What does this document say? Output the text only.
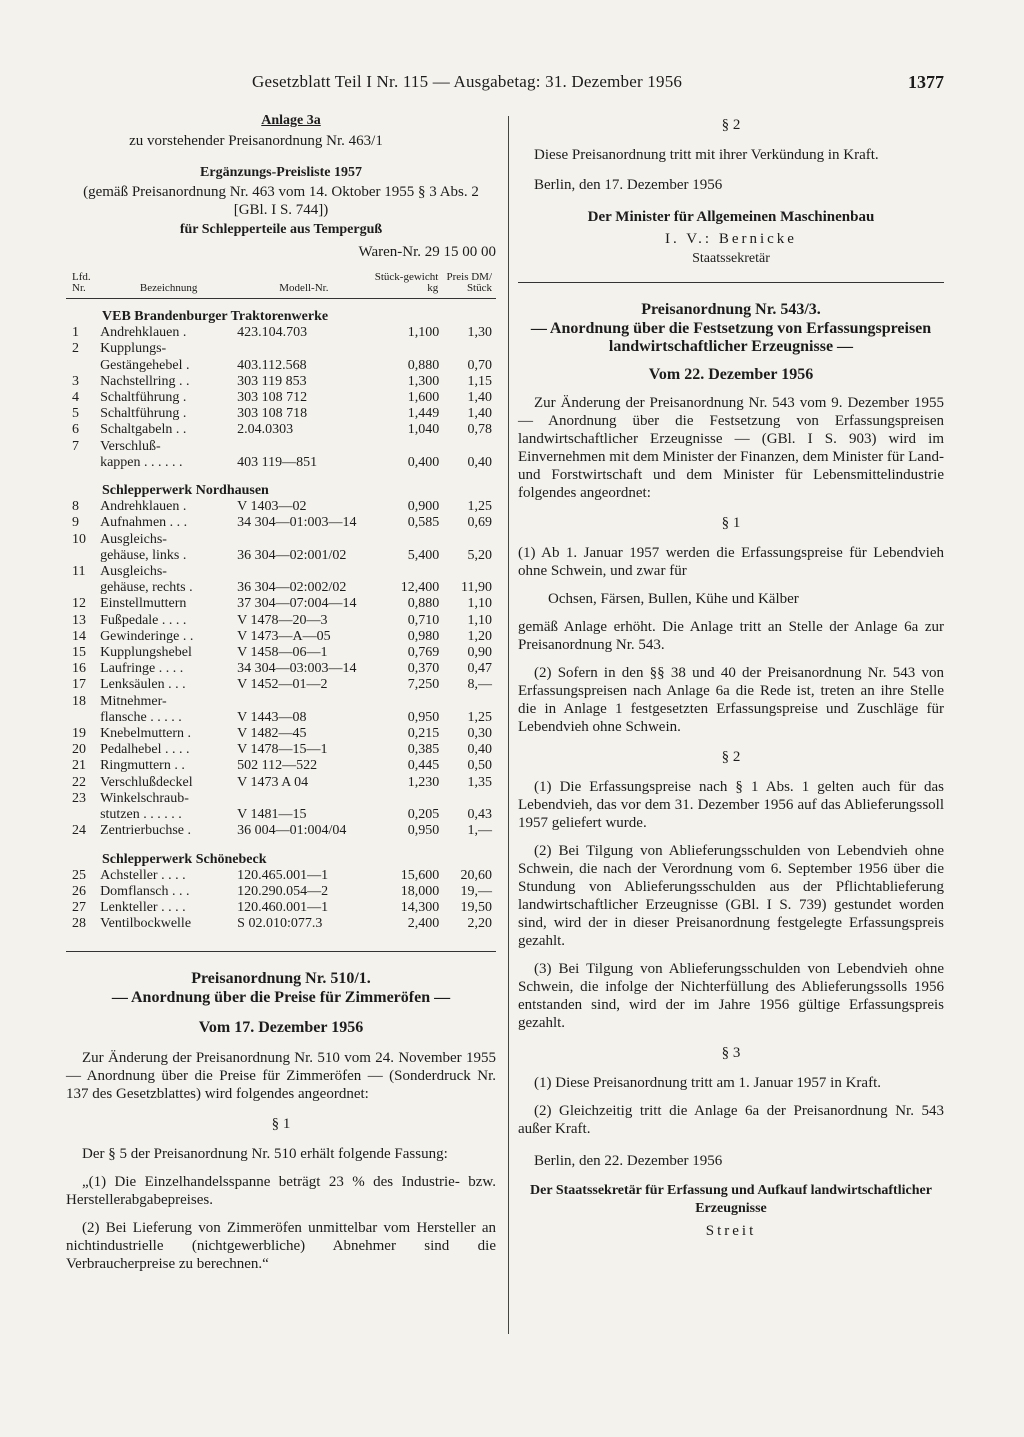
Gesetzblatt Teil I Nr. 115 — Ausgabetag: 31. Dezember 1956	1377

Anlage 3a

zu vorstehender Preisanordnung Nr. 463/1

Ergänzungs-Preisliste 1957

(gemäß Preisanordnung Nr. 463 vom 14. Oktober 1955 § 3 Abs. 2 [GBl. I S. 744])

für Schlepperteile aus Temperguß

Waren-Nr. 29 15 00 00

Lfd. Nr.	Bezeichnung	Modell-Nr.	Stück-gewicht kg	Preis DM/ Stück
VEB Brandenburger Traktorenwerke				
1	Andrehklauen .	423.104.703	1,100	1,30
2	Kupplungs-			
	Gestängehebel .	403.112.568	0,880	0,70
3	Nachstellring . .	303 119 853	1,300	1,15
4	Schaltführung .	303 108 712	1,600	1,40
5	Schaltführung .	303 108 718	1,449	1,40
6	Schaltgabeln . .	2.04.0303	1,040	0,78
7	Verschluß-			
	kappen . . . . . .	403 119—851	0,400	0,40
Schlepperwerk Nordhausen				
8	Andrehklauen .	V 1403—02	0,900	1,25
9	Aufnahmen . . .	34 304—01:003—14	0,585	0,69
10	Ausgleichs-			
	gehäuse, links .	36 304—02:001/02	5,400	5,20
11	Ausgleichs-			
	gehäuse, rechts .	36 304—02:002/02	12,400	11,90
12	Einstellmuttern	37 304—07:004—14	0,880	1,10
13	Fußpedale . . . .	V 1478—20—3	0,710	1,10
14	Gewinderinge . .	V 1473—A—05	0,980	1,20
15	Kupplungshebel	V 1458—06—1	0,769	0,90
16	Laufringe . . . .	34 304—03:003—14	0,370	0,47
17	Lenksäulen . . .	V 1452—01—2	7,250	8,—
18	Mitnehmer-			
	flansche . . . . .	V 1443—08	0,950	1,25
19	Knebelmuttern .	V 1482—45	0,215	0,30
20	Pedalhebel . . . .	V 1478—15—1	0,385	0,40
21	Ringmuttern . .	502 112—522	0,445	0,50
22	Verschlußdeckel	V 1473 A 04	1,230	1,35
23	Winkelschraub-			
	stutzen . . . . . .	V 1481—15	0,205	0,43
24	Zentrierbuchse .	36 004—01:004/04	0,950	1,—
Schlepperwerk Schönebeck				
25	Achsteller . . . .	120.465.001—1	15,600	20,60
26	Domflansch . . .	120.290.054—2	18,000	19,—
27	Lenkteller . . . .	120.460.001—1	14,300	19,50
28	Ventilbockwelle	S 02.010:077.3	2,400	2,20

Preisanordnung Nr. 510/1.

— Anordnung über die Preise für Zimmeröfen —

Vom 17. Dezember 1956

Zur Änderung der Preisanordnung Nr. 510 vom 24. November 1955 — Anordnung über die Preise für Zimmeröfen — (Sonderdruck Nr. 137 des Gesetzblattes) wird folgendes angeordnet:

§ 1

Der § 5 der Preisanordnung Nr. 510 erhält folgende Fassung:

„(1) Die Einzelhandelsspanne beträgt 23 % des Industrie- bzw. Herstellerabgabepreises.

(2) Bei Lieferung von Zimmeröfen unmittelbar vom Hersteller an nichtindustrielle (nichtgewerbliche) Abnehmer sind die Verbraucherpreise zu berechnen.“

§ 2

Diese Preisanordnung tritt mit ihrer Verkündung in Kraft.

Berlin, den 17. Dezember 1956

Der Minister für Allgemeinen Maschinenbau

I. V.: Bernicke

Staatssekretär

Preisanordnung Nr. 543/3.

— Anordnung über die Festsetzung von Erfassungspreisen landwirtschaftlicher Erzeugnisse —

Vom 22. Dezember 1956

Zur Änderung der Preisanordnung Nr. 543 vom 9. Dezember 1955 — Anordnung über die Festsetzung von Erfassungspreisen landwirtschaftlicher Erzeugnisse — (GBl. I S. 903) wird im Einvernehmen mit dem Minister der Finanzen, dem Minister für Land- und Forstwirtschaft und dem Minister für Lebensmittelindustrie folgendes angeordnet:

§ 1

(1) Ab 1. Januar 1957 werden die Erfassungspreise für Lebendvieh ohne Schwein, und zwar für

Ochsen, Färsen, Bullen, Kühe und Kälber

gemäß Anlage erhöht. Die Anlage tritt an Stelle der Anlage 6a zur Preisanordnung Nr. 543.

(2) Sofern in den §§ 38 und 40 der Preisanordnung Nr. 543 von Erfassungspreisen nach Anlage 6a die Rede ist, treten an ihre Stelle die in Anlage 1 festgesetzten Erfassungspreise und Zuschläge für Lebendvieh ohne Schwein.

§ 2

(1) Die Erfassungspreise nach § 1 Abs. 1 gelten auch für das Lebendvieh, das vor dem 31. Dezember 1956 auf das Ablieferungssoll 1957 geliefert wurde.

(2) Bei Tilgung von Ablieferungsschulden von Lebendvieh ohne Schwein, die nach der Verordnung vom 6. September 1956 über die Stundung von Ablieferungsschulden aus der Pflichtablieferung landwirtschaftlicher Erzeugnisse (GBl. I S. 739) gestundet worden sind, wird der in dieser Preisanordnung festgelegte Erfassungspreis gezahlt.

(3) Bei Tilgung von Ablieferungsschulden von Lebendvieh ohne Schwein, die infolge der Nichterfüllung des Ablieferungssolls 1956 entstanden sind, wird der im Jahre 1956 gültige Erfassungspreis gezahlt.

§ 3

(1) Diese Preisanordnung tritt am 1. Januar 1957 in Kraft.

(2) Gleichzeitig tritt die Anlage 6a der Preisanordnung Nr. 543 außer Kraft.

Berlin, den 22. Dezember 1956

Der Staatssekretär für Erfassung und Aufkauf landwirtschaftlicher Erzeugnisse

Streit
